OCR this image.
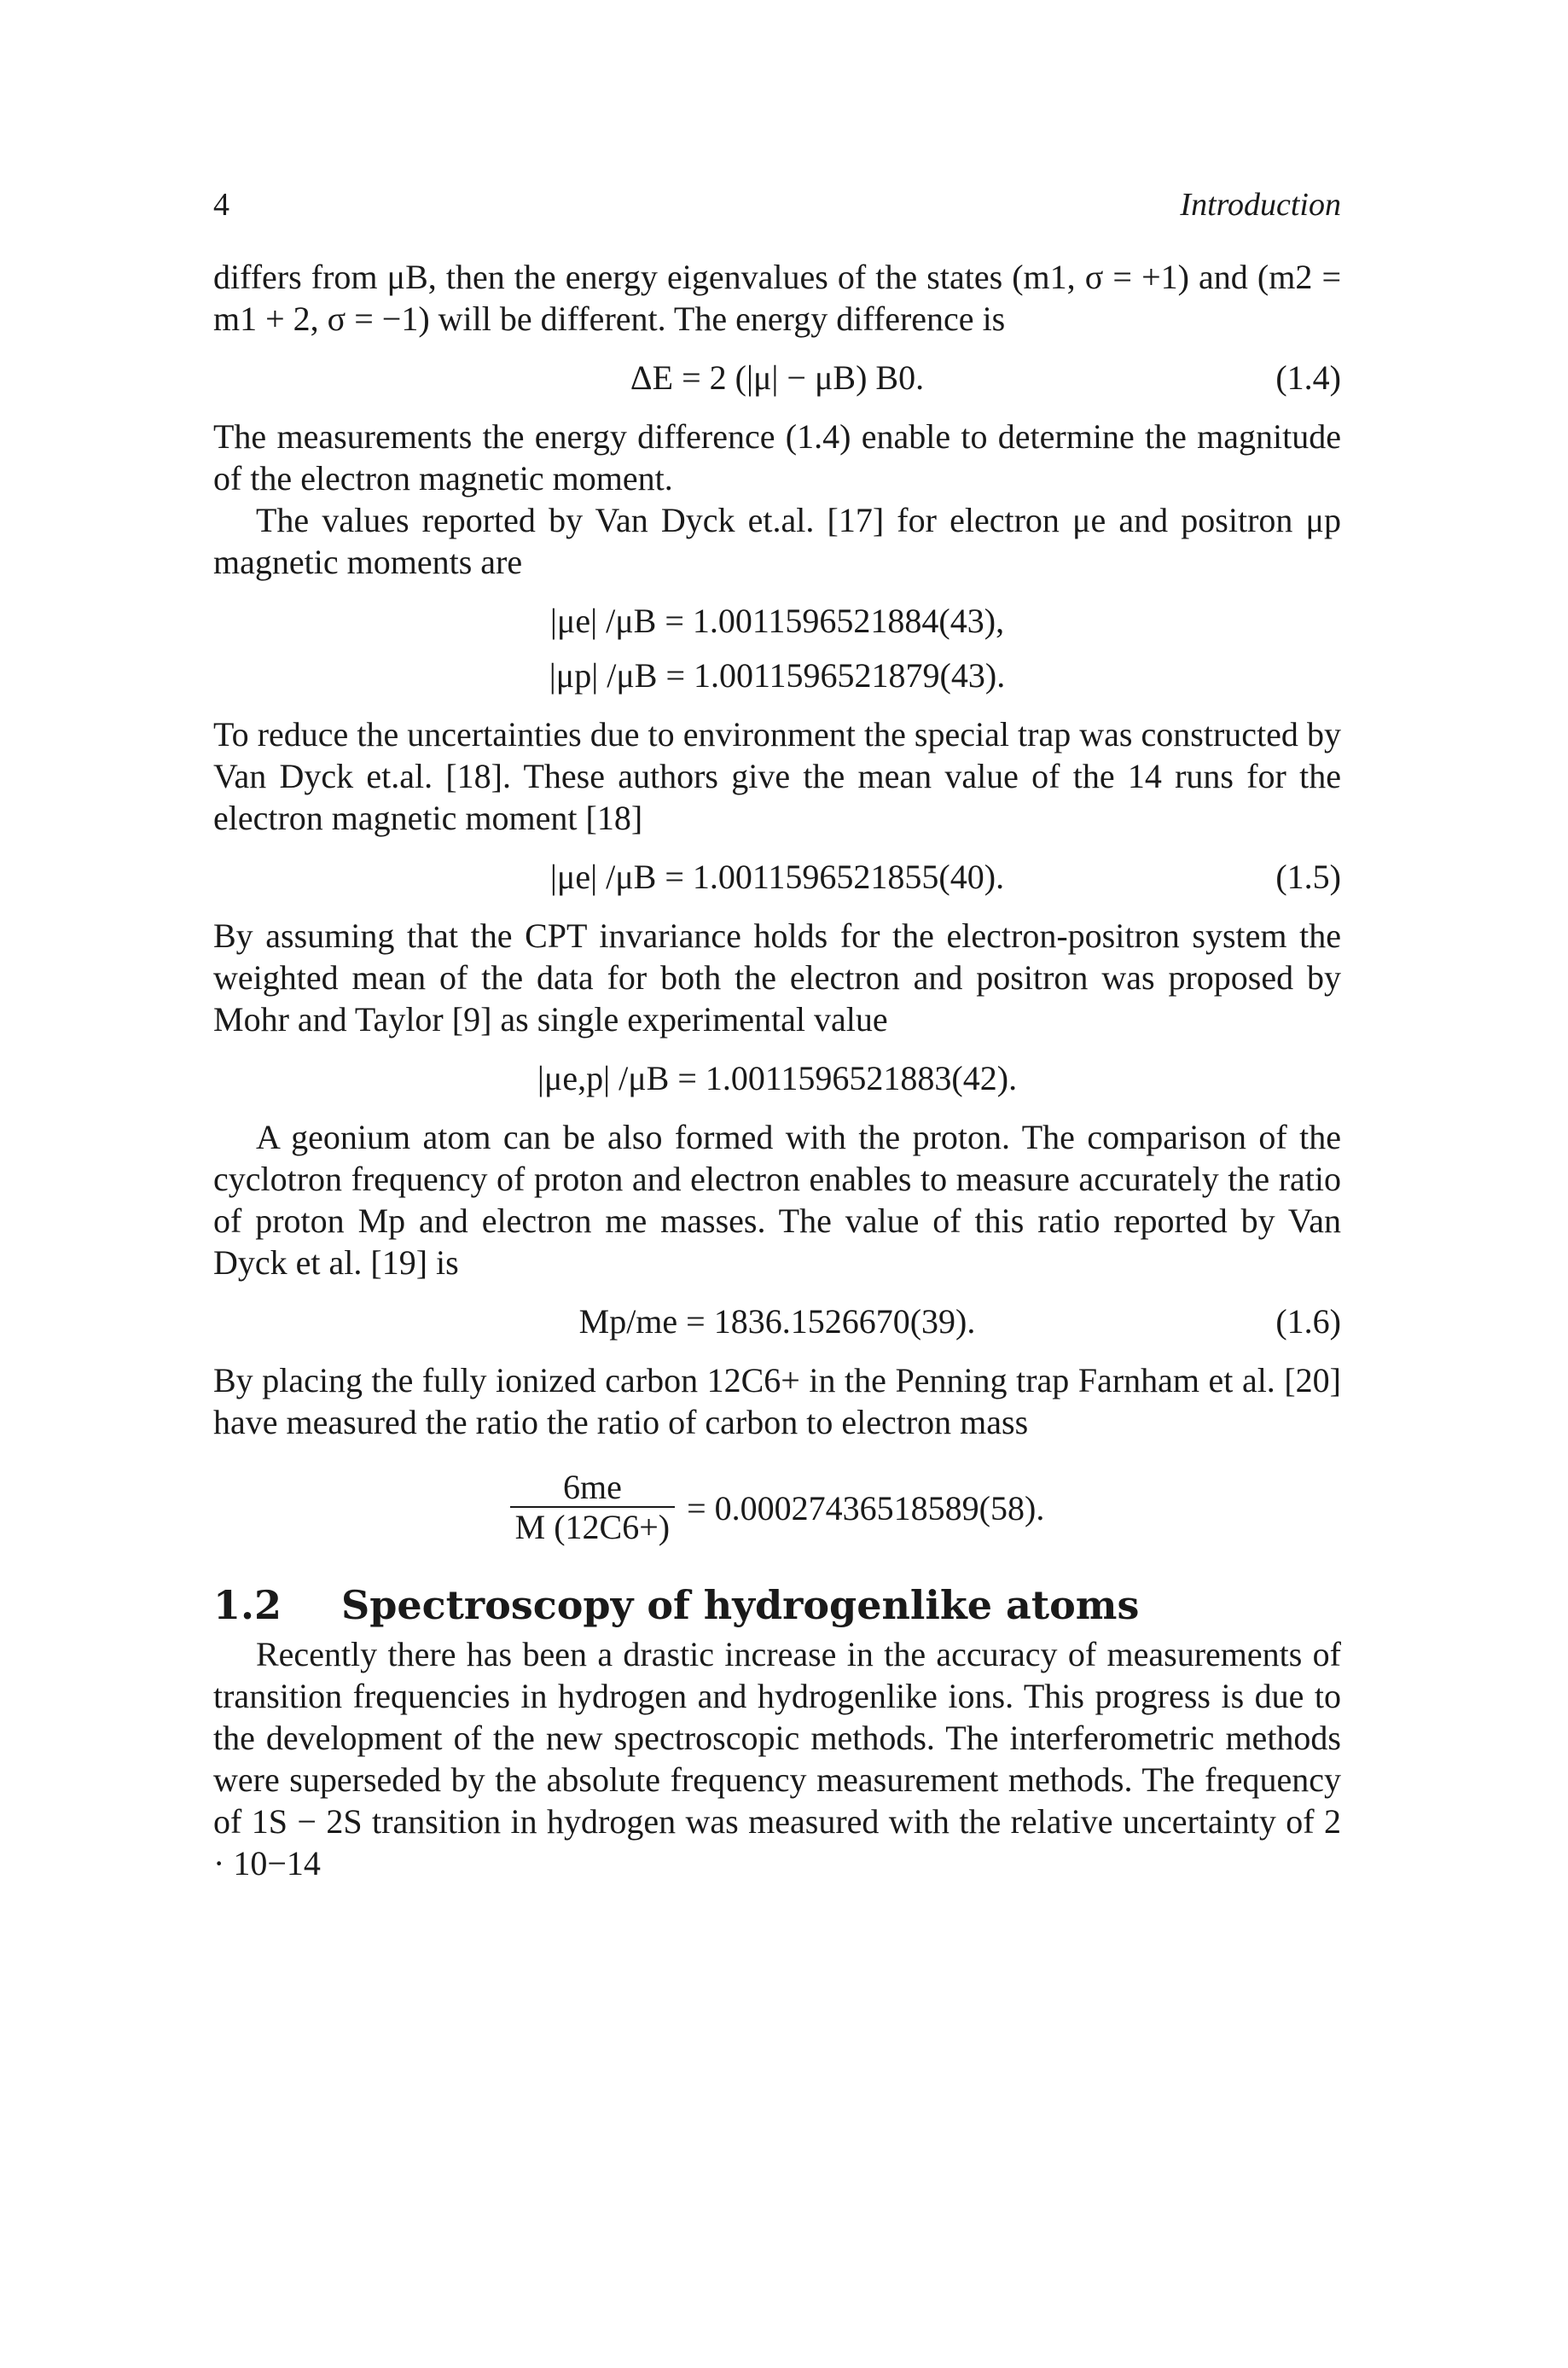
4	Introduction

differs from μB, then the energy eigenvalues of the states (m1, σ = +1) and (m2 = m1 + 2, σ = −1) will be different. The energy difference is

ΔE = 2 (|μ| − μB) B0.	(1.4)

The measurements the energy difference (1.4) enable to determine the magnitude of the electron magnetic moment.

The values reported by Van Dyck et.al. [17] for electron μe and positron μp magnetic moments are

|μe| /μB = 1.0011596521884(43),
|μp| /μB = 1.0011596521879(43).

To reduce the uncertainties due to environment the special trap was constructed by Van Dyck et.al. [18]. These authors give the mean value of the 14 runs for the electron magnetic moment [18]

|μe| /μB = 1.0011596521855(40).	(1.5)

By assuming that the CPT invariance holds for the electron-positron system the weighted mean of the data for both the electron and positron was proposed by Mohr and Taylor [9] as single experimental value

|μe,p| /μB = 1.0011596521883(42).

A geonium atom can be also formed with the proton. The comparison of the cyclotron frequency of proton and electron enables to measure accurately the ratio of proton Mp and electron me masses. The value of this ratio reported by Van Dyck et al. [19] is

Mp/me = 1836.1526670(39).	(1.6)

By placing the fully ionized carbon 12C6+ in the Penning trap Farnham et al. [20] have measured the ratio the ratio of carbon to electron mass

$\frac{6me}{M (12C6+)} = 0.00027436518589(58)$.
1.2	Spectroscopy of hydrogenlike atoms

Recently there has been a drastic increase in the accuracy of measurements of transition frequencies in hydrogen and hydrogenlike ions. This progress is due to the development of the new spectroscopic methods. The interferometric methods were superseded by the absolute frequency measurement methods. The frequency of 1S − 2S transition in hydrogen was measured with the relative uncertainty of 2 · 10−14
